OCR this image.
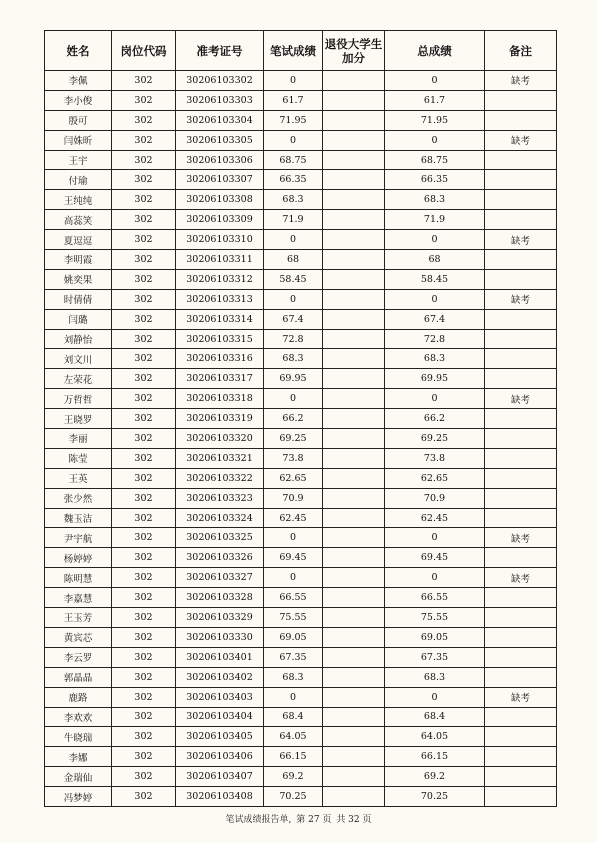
姓名	岗位代码	准考证号	笔试成绩	退役大学生加分	总成绩	备注
李佩	302	30206103302	0		0	缺考
李小俊	302	30206103303	61.7		61.7	
殷可	302	30206103304	71.95		71.95	
闫姝昕	302	30206103305	0		0	缺考
王宇	302	30206103306	68.75		68.75	
付瑜	302	30206103307	66.35		66.35	
王纯纯	302	30206103308	68.3		68.3	
高蕊笑	302	30206103309	71.9		71.9	
夏逗逗	302	30206103310	0		0	缺考
李明霞	302	30206103311	68		68	
姚奕果	302	30206103312	58.45		58.45	
时倩倩	302	30206103313	0		0	缺考
闫璐	302	30206103314	67.4		67.4	
刘静怡	302	30206103315	72.8		72.8	
刘文川	302	30206103316	68.3		68.3	
左荣花	302	30206103317	69.95		69.95	
万哲哲	302	30206103318	0		0	缺考
王晓罗	302	30206103319	66.2		66.2	
李丽	302	30206103320	69.25		69.25	
陈莹	302	30206103321	73.8		73.8	
王英	302	30206103322	62.65		62.65	
张少然	302	30206103323	70.9		70.9	
魏玉洁	302	30206103324	62.45		62.45	
尹宇航	302	30206103325	0		0	缺考
杨婷婷	302	30206103326	69.45		69.45	
陈明慧	302	30206103327	0		0	缺考
李嘉慧	302	30206103328	66.55		66.55	
王玉芳	302	30206103329	75.55		75.55	
黄宾芯	302	30206103330	69.05		69.05	
李云罗	302	30206103401	67.35		67.35	
郭晶晶	302	30206103402	68.3		68.3	
鹿路	302	30206103403	0		0	缺考
李欢欢	302	30206103404	68.4		68.4	
牛晓瑞	302	30206103405	64.05		64.05	
李娜	302	30206103406	66.15		66.15	
金瑞仙	302	30206103407	69.2		69.2	
冯梦婷	302	30206103408	70.25		70.25	
笔试成绩报告单, 第 27 页 共 32 页
